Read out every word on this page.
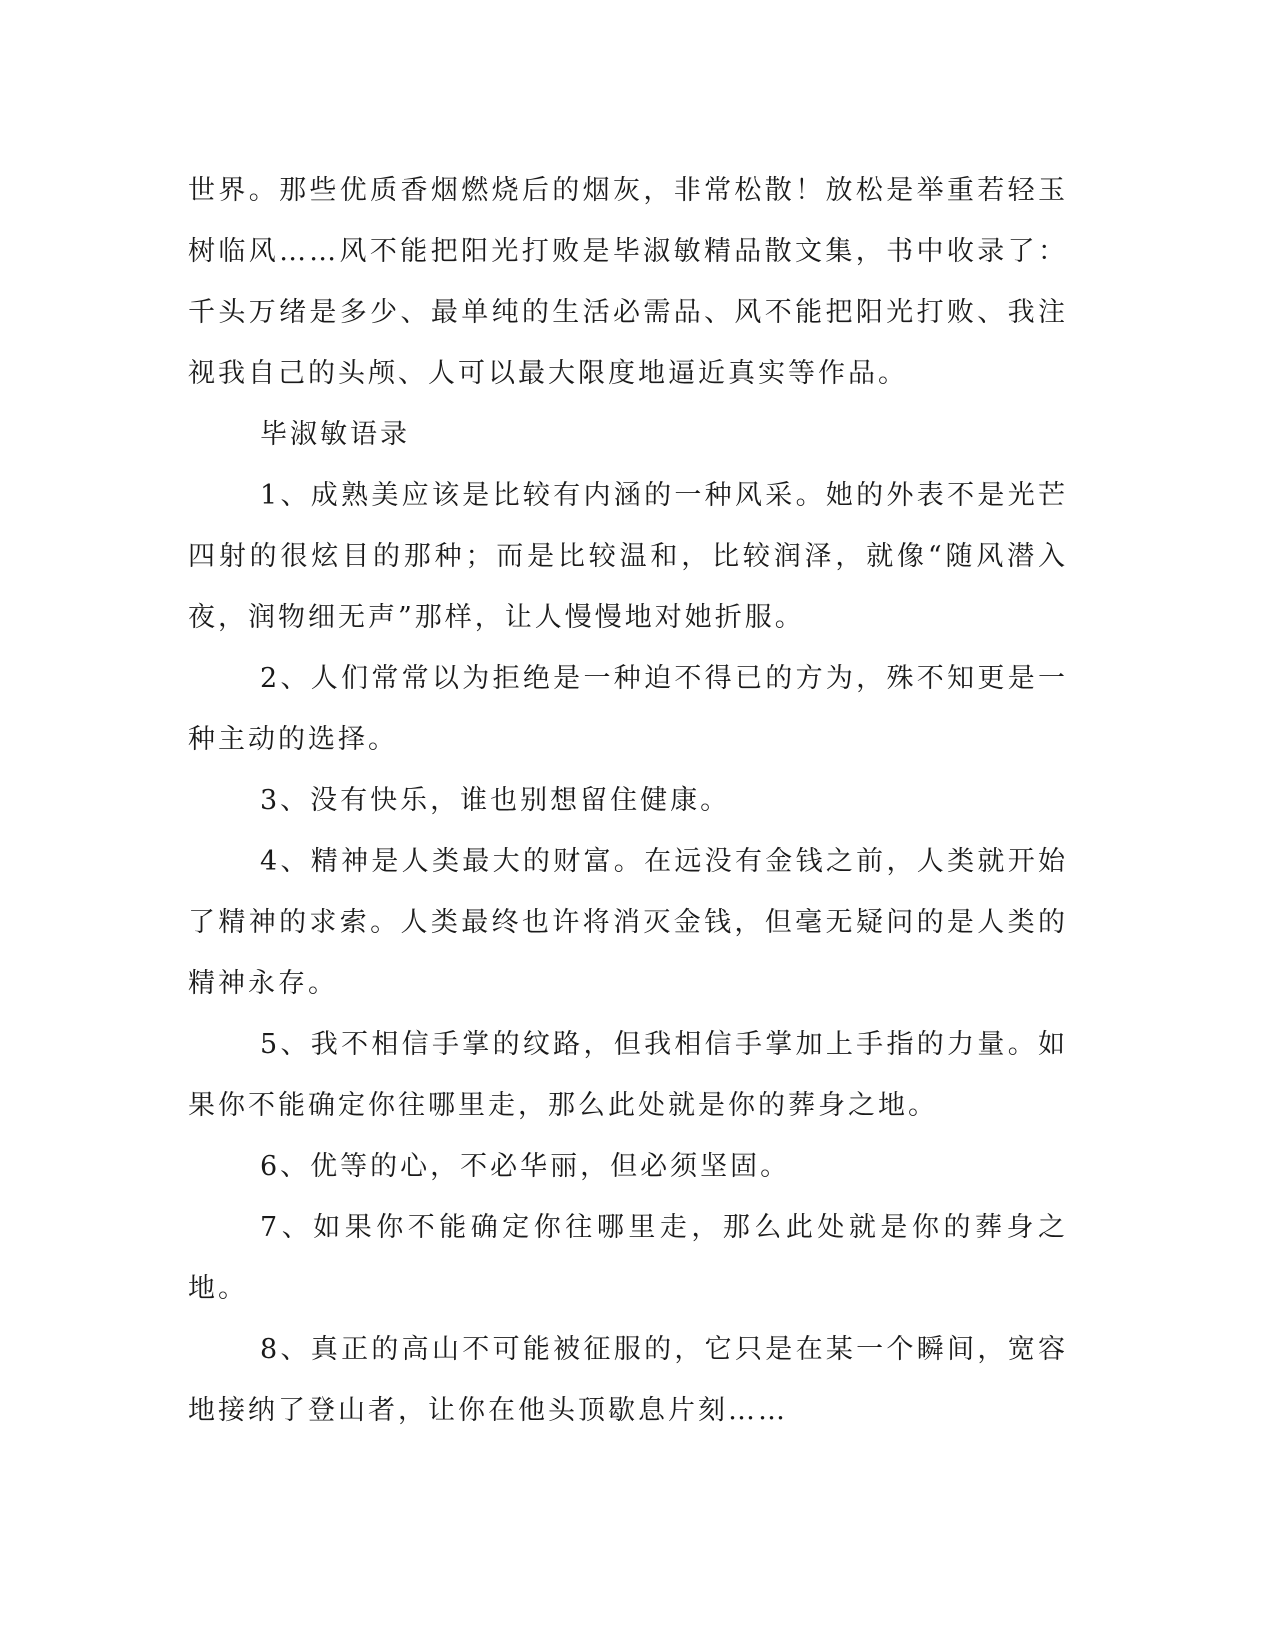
世界。那些优质香烟燃烧后的烟灰，非常松散！放松是举重若轻玉树临风……风不能把阳光打败是毕淑敏精品散文集，书中收录了：千头万绪是多少、最单纯的生活必需品、风不能把阳光打败、我注视我自己的头颅、人可以最大限度地逼近真实等作品。

毕淑敏语录

1、成熟美应该是比较有内涵的一种风采。她的外表不是光芒四射的很炫目的那种；而是比较温和，比较润泽，就像“随风潜入夜，润物细无声”那样，让人慢慢地对她折服。

2、人们常常以为拒绝是一种迫不得已的方为，殊不知更是一种主动的选择。

3、没有快乐，谁也别想留住健康。

4、精神是人类最大的财富。在远没有金钱之前，人类就开始了精神的求索。人类最终也许将消灭金钱，但毫无疑问的是人类的精神永存。

5、我不相信手掌的纹路，但我相信手掌加上手指的力量。如果你不能确定你往哪里走，那么此处就是你的葬身之地。

6、优等的心，不必华丽，但必须坚固。

7、如果你不能确定你往哪里走，那么此处就是你的葬身之地。

8、真正的高山不可能被征服的，它只是在某一个瞬间，宽容地接纳了登山者，让你在他头顶歇息片刻……
